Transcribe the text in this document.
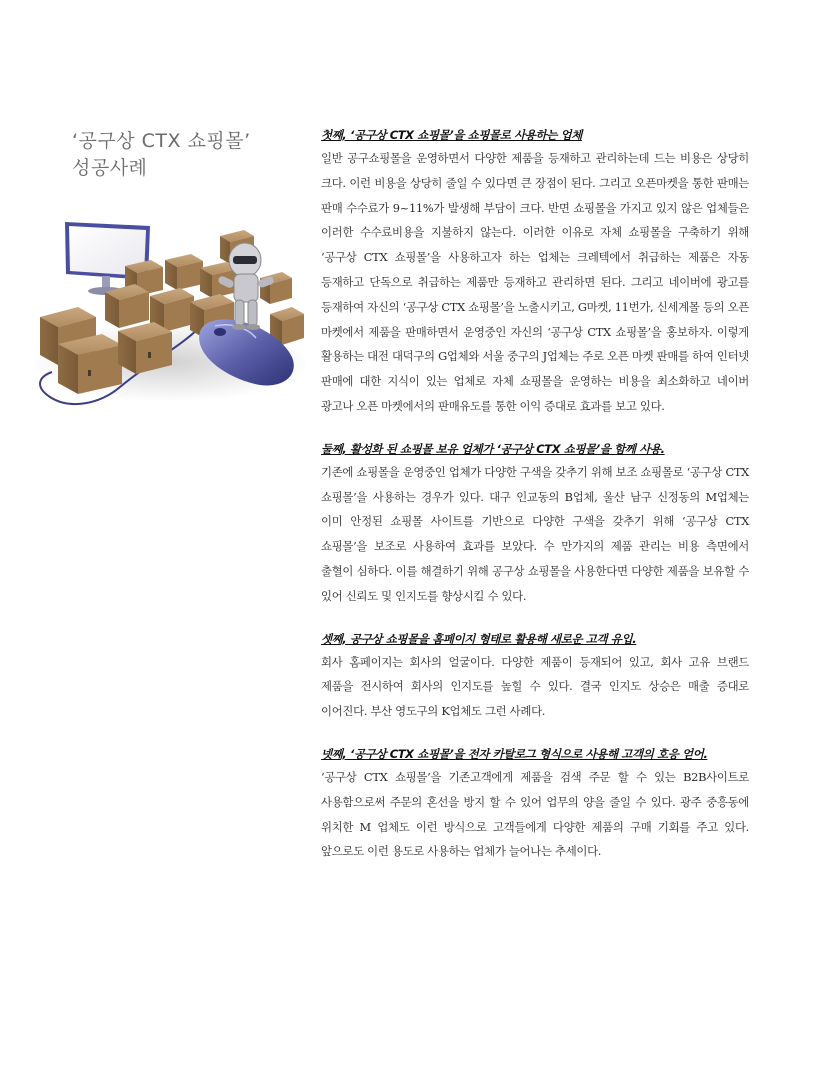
‘공구상 CTX 쇼핑몰’
성공사례

첫째, ‘공구상 CTX 쇼핑몰’을 쇼핑몰로 사용하는 업체

일반 공구쇼핑몰을 운영하면서 다양한 제품을 등재하고 관리하는데 드는 비용은 상당히 크다. 이런 비용을 상당히 줄일 수 있다면 큰 장점이 된다. 그리고 오픈마켓을 통한 판매는 판매 수수료가 9~11%가 발생해 부담이 크다. 반면 쇼핑몰을 가지고 있지 않은 업체들은 이러한 수수료비용을 지불하지 않는다. 이러한 이유로 자체 쇼핑몰을 구축하기 위해 ‘공구상 CTX 쇼핑몰’을 사용하고자 하는 업체는 크레텍에서 취급하는 제품은 자동 등재하고 단독으로 취급하는 제품만 등재하고 관리하면 된다. 그리고 네이버에 광고를 등재하여 자신의 ‘공구상 CTX 쇼핑몰’을 노출시키고, G마켓, 11번가, 신세계몰 등의 오픈 마켓에서 제품을 판매하면서 운영중인 자신의 ‘공구상 CTX 쇼핑몰’을 홍보하자. 이렇게 활용하는 대전 대덕구의 G업체와 서울 중구의 J업체는 주로 오픈 마켓 판매를 하여 인터넷 판매에 대한 지식이 있는 업체로 자체 쇼핑몰을 운영하는 비용을 최소화하고 네이버 광고나 오픈 마켓에서의 판매유도를 통한 이익 증대로 효과를 보고 있다.

둘째, 활성화 된 쇼핑몰 보유 업체가 ‘공구상 CTX 쇼핑몰’을 함께 사용.

기존에 쇼핑몰을 운영중인 업체가 다양한 구색을 갖추기 위해 보조 쇼핑몰로 ‘공구상 CTX 쇼핑몰’을 사용하는 경우가 있다. 대구 인교동의 B업체, 울산 남구 신정동의 M업체는 이미 안정된 쇼핑몰 사이트를 기반으로 다양한 구색을 갖추기 위해 ‘공구상 CTX 쇼핑몰’을 보조로 사용하여 효과를 보았다. 수 만가지의 제품 관리는 비용 측면에서 출혈이 심하다. 이를 해결하기 위해 공구상 쇼핑몰을 사용한다면 다양한 제품을 보유할 수 있어 신뢰도 및 인지도를 향상시킬 수 있다.

셋째, 공구상 쇼핑몰을 홈페이지 형태로 활용해 새로운 고객 유입.

회사 홈페이지는 회사의 얼굴이다. 다양한 제품이 등재되어 있고, 회사 고유 브랜드 제품을 전시하여 회사의 인지도를 높힐 수 있다. 결국 인지도 상승은 매출 증대로 이어진다. 부산 영도구의 K업체도 그런 사례다.

넷째, ‘공구상 CTX 쇼핑몰’을 전자 카탈로그 형식으로 사용해 고객의 호응 얻어.

‘공구상 CTX 쇼핑몰’을 기존고객에게 제품을 검색 주문 할 수 있는 B2B사이트로 사용함으로써 주문의 혼선을 방지 할 수 있어 업무의 양을 줄일 수 있다. 광주 중흥동에 위치한 M 업체도 이런 방식으로 고객들에게 다양한 제품의 구매 기회를 주고 있다. 앞으로도 이런 용도로 사용하는 업체가 늘어나는 추세이다.
